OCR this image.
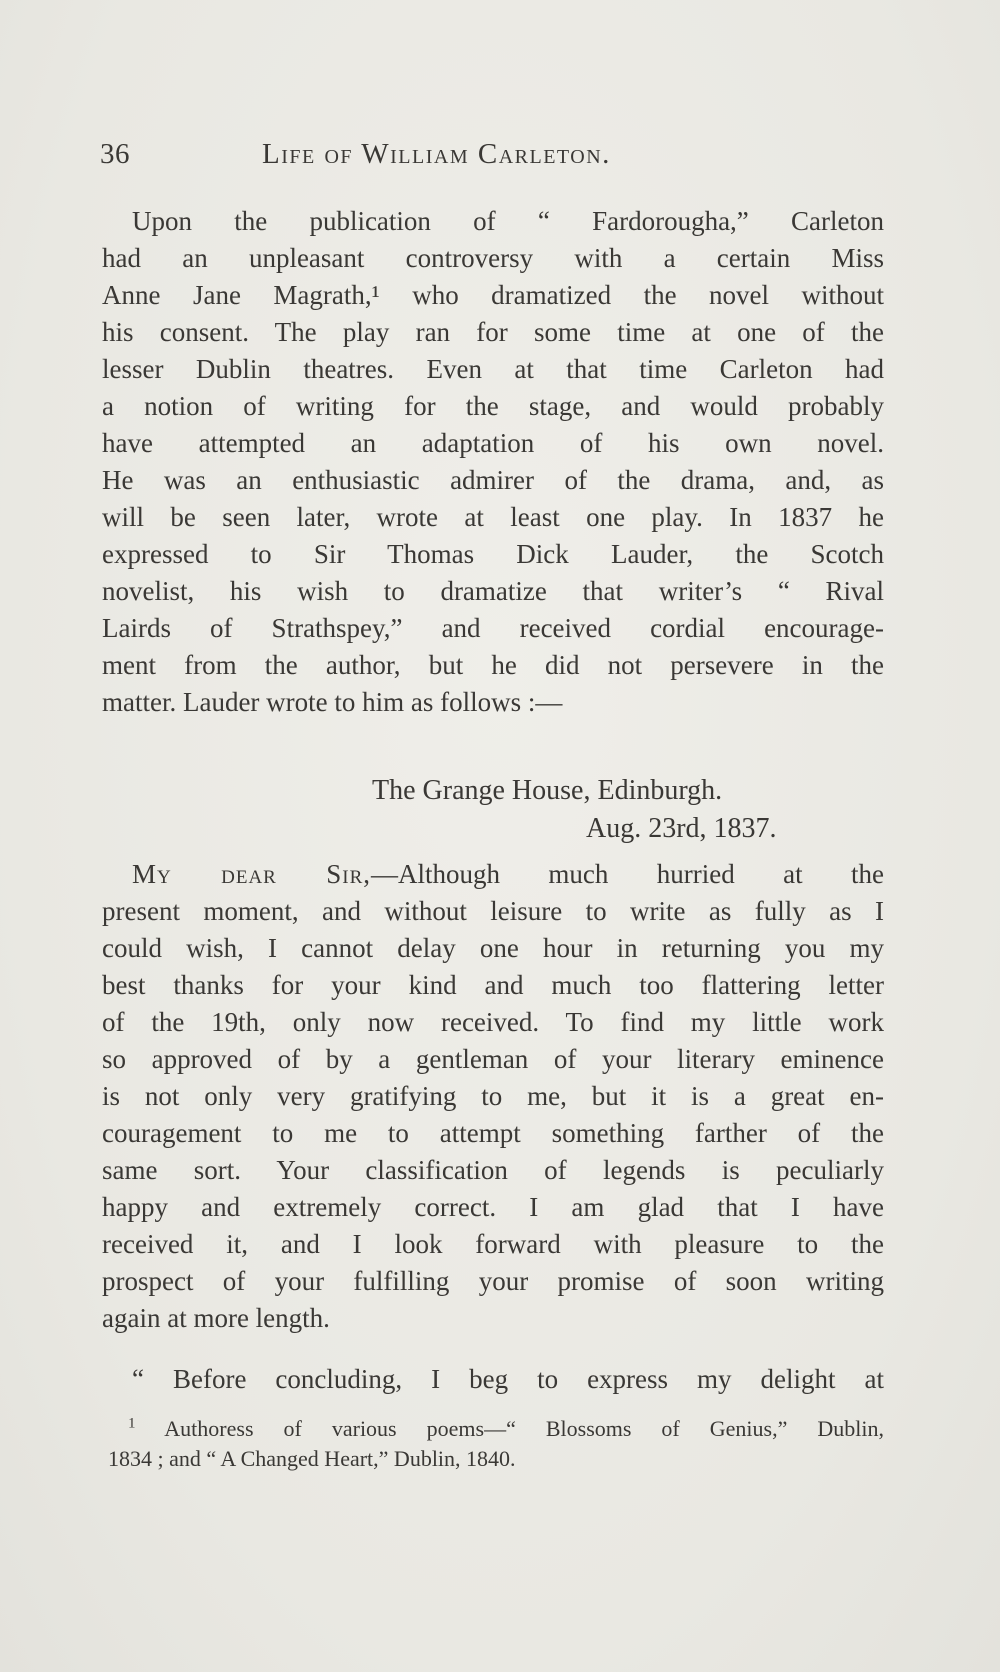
36	Life of William Carleton.
Upon the publication of “ Fardorougha,” Carleton
had an unpleasant controversy with a certain Miss
Anne Jane Magrath,¹ who dramatized the novel without
his consent. The play ran for some time at one of the
lesser Dublin theatres. Even at that time Carleton had
a notion of writing for the stage, and would probably
have attempted an adaptation of his own novel.
He was an enthusiastic admirer of the drama, and, as
will be seen later, wrote at least one play. In 1837 he
expressed to Sir Thomas Dick Lauder, the Scotch
novelist, his wish to dramatize that writer’s “ Rival
Lairds of Strathspey,” and received cordial encourage-
ment from the author, but he did not persevere in the
matter. Lauder wrote to him as follows :—
The Grange House, Edinburgh.
Aug. 23rd, 1837.
My dear Sir,—Although much hurried at the
present moment, and without leisure to write as fully as I
could wish, I cannot delay one hour in returning you my
best thanks for your kind and much too flattering letter
of the 19th, only now received. To find my little work
so approved of by a gentleman of your literary eminence
is not only very gratifying to me, but it is a great en-
couragement to me to attempt something farther of the
same sort. Your classification of legends is peculiarly
happy and extremely correct. I am glad that I have
received it, and I look forward with pleasure to the
prospect of your fulfilling your promise of soon writing
again at more length.
“ Before concluding, I beg to express my delight at
$^1$ Authoress of various poems—“ Blossoms of Genius,” Dublin,
1834 ; and “ A Changed Heart,” Dublin, 1840.
